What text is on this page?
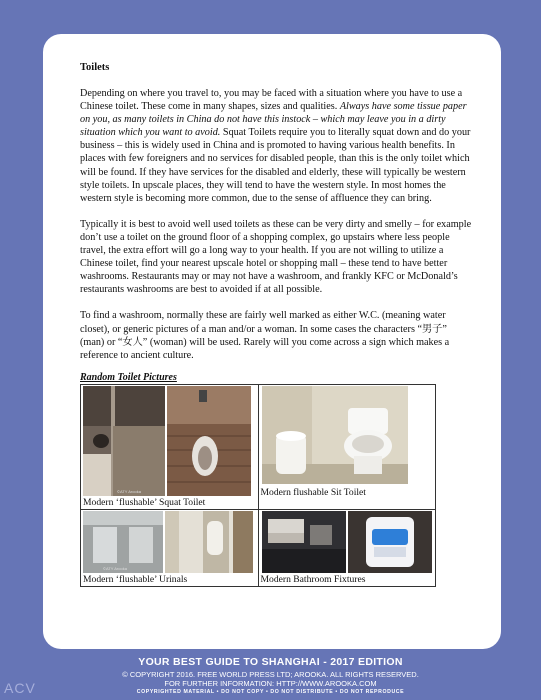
Toilets

Depending on where you travel to, you may be faced with a situation where you have to use a Chinese toilet. These come in many shapes, sizes and qualities. Always have some tissue paper on you, as many toilets in China do not have this instock – which may leave you in a dirty situation which you want to avoid. Squat Toilets require you to literally squat down and do your business – this is widely used in China and is promoted to having various health benefits. In places with few foreigners and no services for disabled people, than this is the only toilet which will be found. If they have services for the disabled and elderly, these will typically be western style toilets. In upscale places, they will tend to have the western style. In most homes the western style is becoming more common, due to the sense of affluence they can bring.

Typically it is best to avoid well used toilets as these can be very dirty and smelly – for example don’t use a toilet on the ground floor of a shopping complex, go upstairs where less people travel, the extra effort will go a long way to your health. If you are not willing to utilize a Chinese toilet, find your nearest upscale hotel or shopping mall – these tend to have better washrooms. Restaurants may or may not have a washroom, and frankly KFC or McDonald’s restaurants washrooms are best to avoided if at all possible.

To find a washroom, normally these are fairly well marked as either W.C. (meaning water closet), or generic pictures of a man and/or a woman. In some cases the characters “男子” (man) or “女人” (woman) will be used. Rarely will you come across a sign which makes a reference to ancient culture.

Random Toilet Pictures
©ATY Arooka
Modern ‘flushable’ Squat Toilet	Modern flushable Sit Toilet

©ATY Arooka
Modern ‘flushable’ Urinals	Modern Bathroom Fixtures
YOUR BEST GUIDE TO SHANGHAI - 2017 EDITION
© COPYRIGHT 2016. FREE WORLD PRESS LTD; AROOKA. ALL RIGHTS RESERVED.
FOR FURTHER INFORMATION: HTTP://WWW.AROOKA.COM
COPYRIGHTED MATERIAL • DO NOT COPY • DO NOT DISTRIBUTE • DO NOT REPRODUCE
ACV
